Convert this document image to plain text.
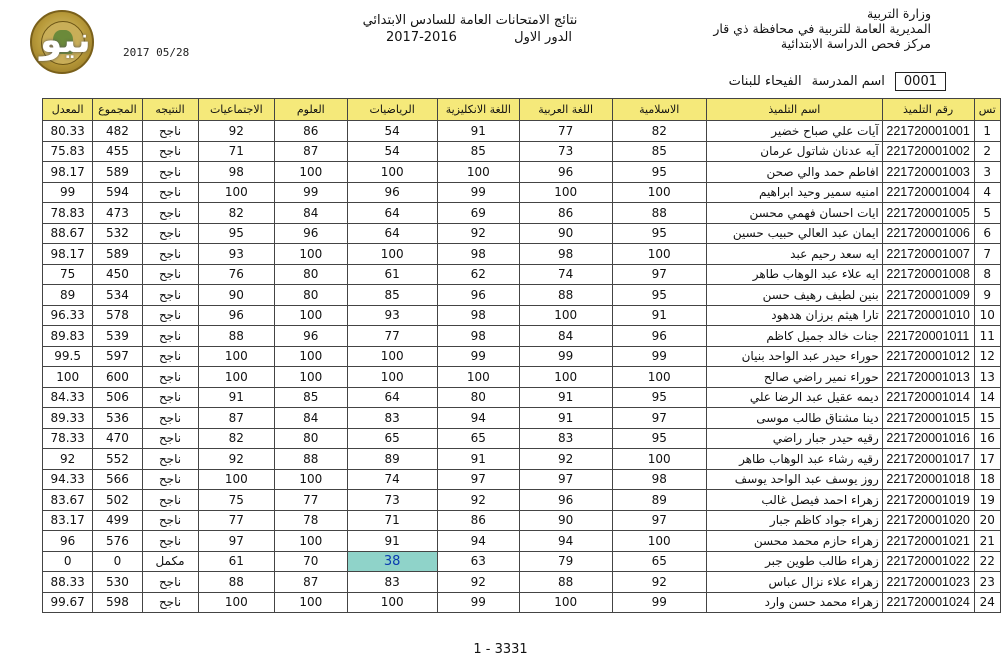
نيو	2017 05/28
نتائج الامتحانات العامة للسادس الابتدائي
الدور الاول
2017-2016
وزارة التربية
المديرية العامة للتربية في محافظة ذي قار
مركز فحص الدراسة الابتدائية
0001
اسم المدرسة
الفيحاء للبنات
تس	رقم التلميذ	اسم التلميذ	الاسلامية	اللغة العربية	اللغة الانكليزية	الرياضيات	العلوم	الاجتماعيات	النتيجه	المجموع	المعدل
1	221720001001	آيات علي صباح خضير	82	77	91	54	86	92	ناجح	482	80.33
2	221720001002	آيه عدنان شاتول عرمان	85	73	85	54	87	71	ناجح	455	75.83
3	221720001003	افاطم حمد والي صحن	95	96	100	100	100	98	ناجح	589	98.17
4	221720001004	امنيه سمير وحيد ابراهيم	100	100	99	96	99	100	ناجح	594	99
5	221720001005	ايات احسان فهمي محسن	88	86	69	64	84	82	ناجح	473	78.83
6	221720001006	ايمان عبد العالي حبيب حسين	95	90	92	64	96	95	ناجح	532	88.67
7	221720001007	ايه سعد رحيم عبد	100	98	98	100	100	93	ناجح	589	98.17
8	221720001008	ايه علاء عبد الوهاب طاهر	97	74	62	61	80	76	ناجح	450	75
9	221720001009	بنين لطيف رهيف حسن	95	88	96	85	80	90	ناجح	534	89
10	221720001010	تارا هيثم برزان هدهود	91	100	98	93	100	96	ناجح	578	96.33
11	221720001011	جنات خالد جميل كاظم	96	84	98	77	96	88	ناجح	539	89.83
12	221720001012	حوراء حيدر عبد الواحد بنيان	99	99	99	100	100	100	ناجح	597	99.5
13	221720001013	حوراء نمير راضي صالح	100	100	100	100	100	100	ناجح	600	100
14	221720001014	ديمه عقيل عبد الرضا علي	95	91	80	64	85	91	ناجح	506	84.33
15	221720001015	دينا مشتاق طالب موسى	97	91	94	83	84	87	ناجح	536	89.33
16	221720001016	رقيه حيدر جبار راضي	95	83	65	65	80	82	ناجح	470	78.33
17	221720001017	رقيه رشاء عبد الوهاب طاهر	100	92	91	89	88	92	ناجح	552	92
18	221720001018	روز يوسف عبد الواحد يوسف	98	97	97	74	100	100	ناجح	566	94.33
19	221720001019	زهراء احمد فيصل غالب	89	96	92	73	77	75	ناجح	502	83.67
20	221720001020	زهراء جواد كاظم جبار	97	90	86	71	78	77	ناجح	499	83.17
21	221720001021	زهراء حازم محمد محسن	100	94	94	91	100	97	ناجح	576	96
22	221720001022	زهراء طالب طوين جبر	65	79	63	38	70	61	مكمل	0	0
23	221720001023	زهراء علاء نزال عباس	92	88	92	83	87	88	ناجح	530	88.33
24	221720001024	زهراء محمد حسن وارد	99	100	99	100	100	100	ناجح	598	99.67
1 - 3331
